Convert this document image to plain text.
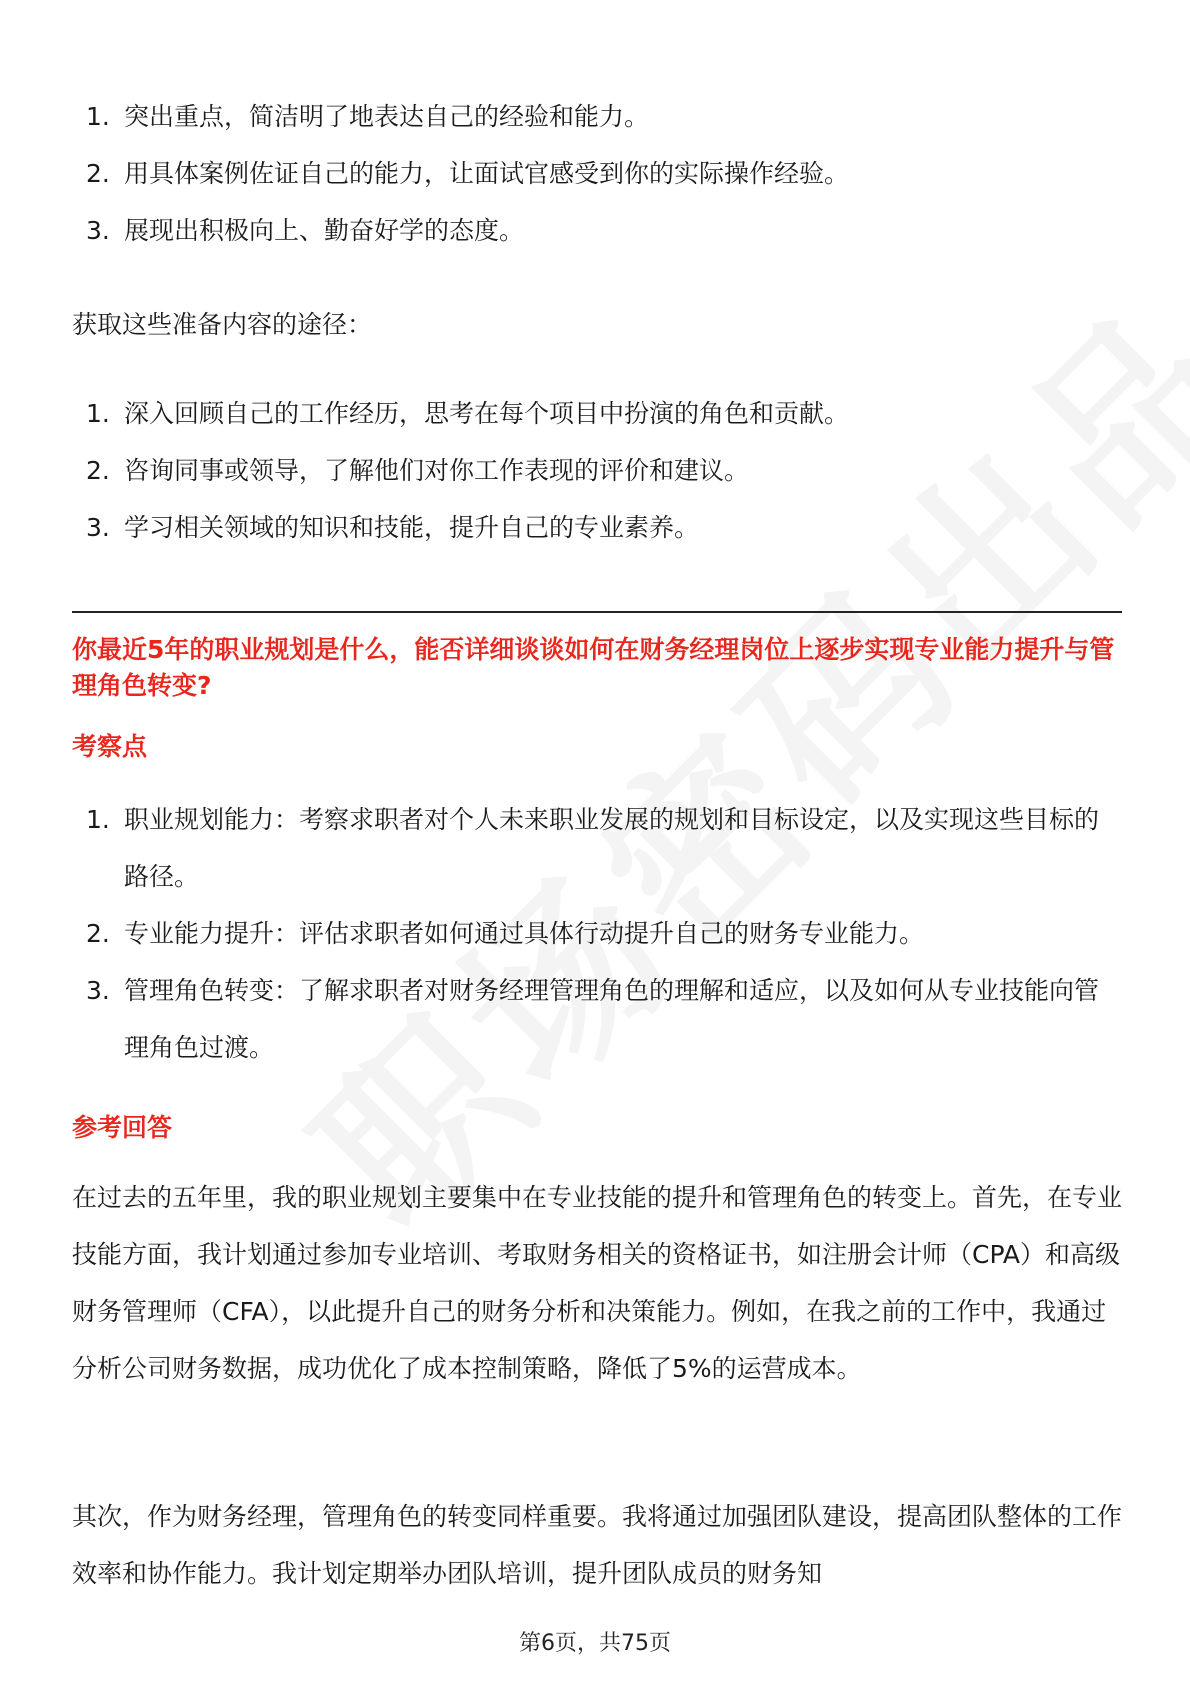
1. 突出重点，简洁明了地表达自己的经验和能力。
2. 用具体案例佐证自己的能力，让面试官感受到你的实际操作经验。
3. 展现出积极向上、勤奋好学的态度。

获取这些准备内容的途径：

1. 深入回顾自己的工作经历，思考在每个项目中扮演的角色和贡献。
2. 咨询同事或领导，了解他们对你工作表现的评价和建议。
3. 学习相关领域的知识和技能，提升自己的专业素养。

你最近5年的职业规划是什么，能否详细谈谈如何在财务经理岗位上逐步实现专业能力提升与管理角色转变?

考察点

1. 职业规划能力：考察求职者对个人未来职业发展的规划和目标设定，以及实现这些目标的路径。
2. 专业能力提升：评估求职者如何通过具体行动提升自己的财务专业能力。
3. 管理角色转变：了解求职者对财务经理管理角色的理解和适应，以及如何从专业技能向管理角色过渡。

参考回答

在过去的五年里，我的职业规划主要集中在专业技能的提升和管理角色的转变上。首先，在专业技能方面，我计划通过参加专业培训、考取财务相关的资格证书，如注册会计师（CPA）和高级财务管理师（CFA），以此提升自己的财务分析和决策能力。例如，在我之前的工作中，我通过分析公司财务数据，成功优化了成本控制策略，降低了5%的运营成本。

其次，作为财务经理，管理角色的转变同样重要。我将通过加强团队建设，提高团队整体的工作效率和协作能力。我计划定期举办团队培训，提升团队成员的财务知

第6页，共75页
